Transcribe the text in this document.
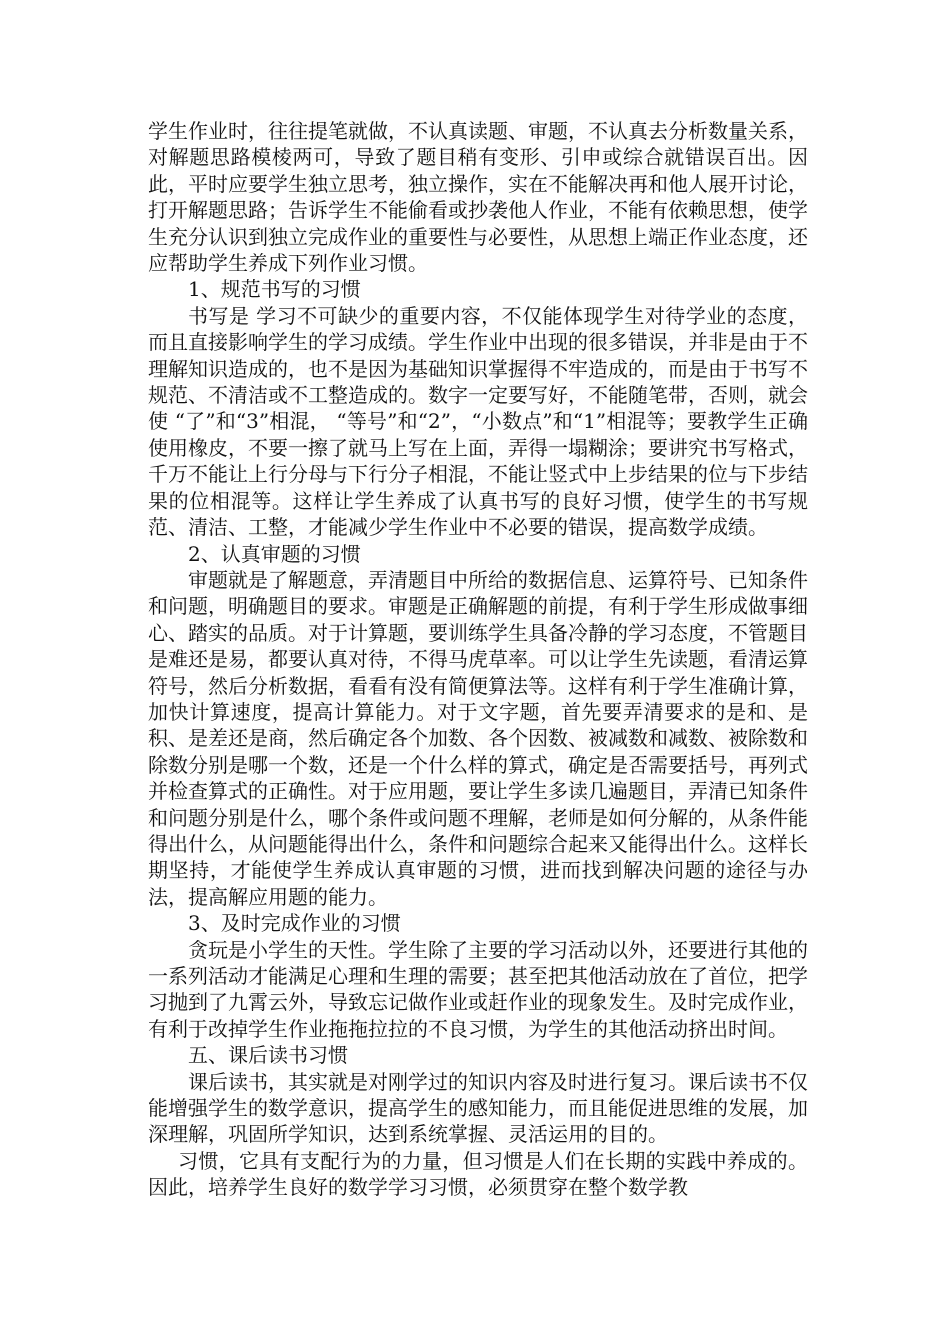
学生作业时，往往提笔就做，不认真读题、审题，不认真去分析数量关系，对解题思路模棱两可，导致了题目稍有变形、引申或综合就错误百出。因此，平时应要学生独立思考，独立操作，实在不能解决再和他人展开讨论，打开解题思路；告诉学生不能偷看或抄袭他人作业，不能有依赖思想，使学生充分认识到独立完成作业的重要性与必要性，从思想上端正作业态度，还应帮助学生养成下列作业习惯。

1、规范书写的习惯

书写是 学习不可缺少的重要内容，不仅能体现学生对待学业的态度，而且直接影响学生的学习成绩。学生作业中出现的很多错误，并非是由于不理解知识造成的，也不是因为基础知识掌握得不牢造成的，而是由于书写不规范、不清洁或不工整造成的。数字一定要写好，不能随笔带，否则，就会使 “了”和“3”相混， “等号”和“2”，“小数点”和“1”相混等；要教学生正确使用橡皮，不要一擦了就马上写在上面，弄得一塌糊涂；要讲究书写格式，千万不能让上行分母与下行分子相混，不能让竖式中上步结果的位与下步结果的位相混等。这样让学生养成了认真书写的良好习惯，使学生的书写规范、清洁、工整，才能减少学生作业中不必要的错误，提高数学成绩。

2、认真审题的习惯

审题就是了解题意，弄清题目中所给的数据信息、运算符号、已知条件和问题，明确题目的要求。审题是正确解题的前提，有利于学生形成做事细心、踏实的品质。对于计算题，要训练学生具备冷静的学习态度，不管题目是难还是易，都要认真对待，不得马虎草率。可以让学生先读题，看清运算符号，然后分析数据，看看有没有简便算法等。这样有利于学生准确计算，加快计算速度，提高计算能力。对于文字题，首先要弄清要求的是和、是积、是差还是商，然后确定各个加数、各个因数、被减数和减数、被除数和除数分别是哪一个数，还是一个什么样的算式，确定是否需要括号，再列式并检查算式的正确性。对于应用题，要让学生多读几遍题目，弄清已知条件和问题分别是什么，哪个条件或问题不理解，老师是如何分解的，从条件能得出什么，从问题能得出什么，条件和问题综合起来又能得出什么。这样长期坚持，才能使学生养成认真审题的习惯，进而找到解决问题的途径与办法，提高解应用题的能力。

3、及时完成作业的习惯

贪玩是小学生的天性。学生除了主要的学习活动以外，还要进行其他的一系列活动才能满足心理和生理的需要；甚至把其他活动放在了首位，把学习抛到了九霄云外，导致忘记做作业或赶作业的现象发生。及时完成作业，有利于改掉学生作业拖拖拉拉的不良习惯，为学生的其他活动挤出时间。

五、课后读书习惯

课后读书，其实就是对刚学过的知识内容及时进行复习。课后读书不仅能增强学生的数学意识，提高学生的感知能力，而且能促进思维的发展，加深理解，巩固所学知识，达到系统掌握、灵活运用的目的。

习惯，它具有支配行为的力量，但习惯是人们在长期的实践中养成的。因此，培养学生良好的数学学习习惯，必须贯穿在整个数学教
